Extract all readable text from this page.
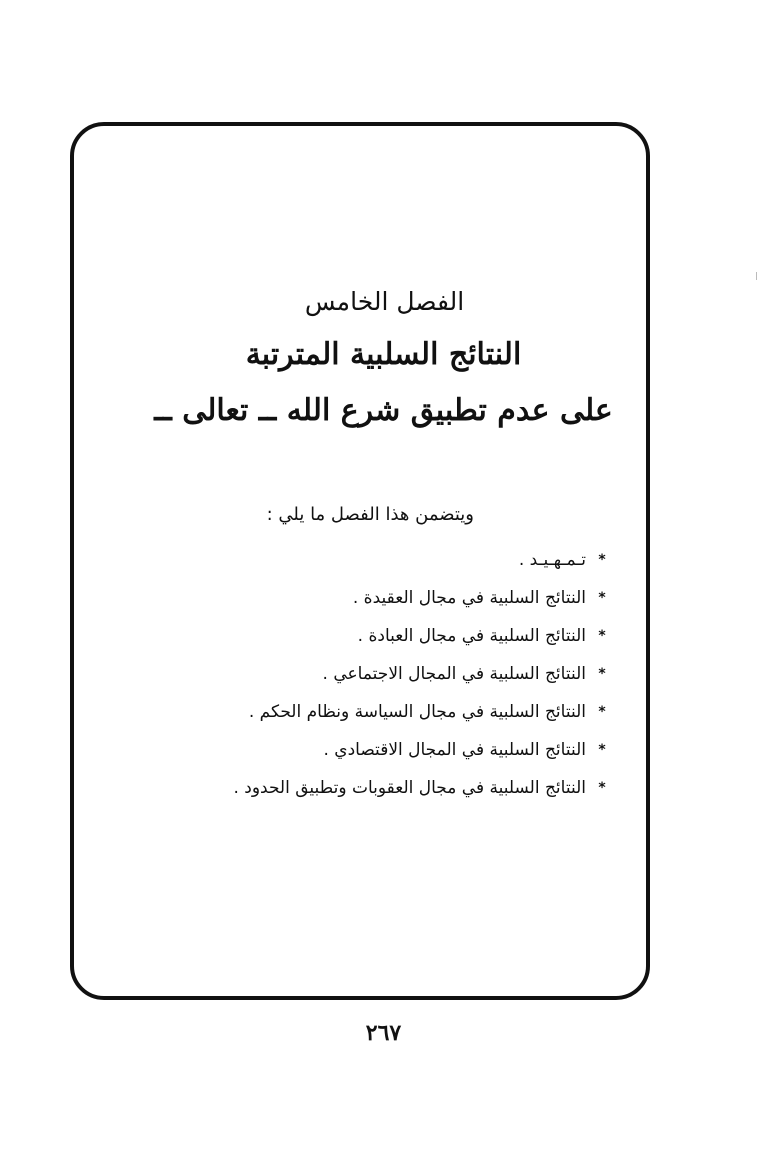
الفصل الخامس
النتائج السلبية المترتبة
على عدم تطبيق شرع الله ــ تعالى ــ
ويتضمن هذا الفصل ما يلي :
*
تـمـهـيـد .
*
النتائج السلبية في مجال العقيدة .
*
النتائج السلبية في مجال العبادة .
*
النتائج السلبية في المجال الاجتماعي .
*
النتائج السلبية في مجال السياسة ونظام الحكم .
*
النتائج السلبية في المجال الاقتصادي .
*
النتائج السلبية في مجال العقوبات وتطبيق الحدود .
٢٦٧
